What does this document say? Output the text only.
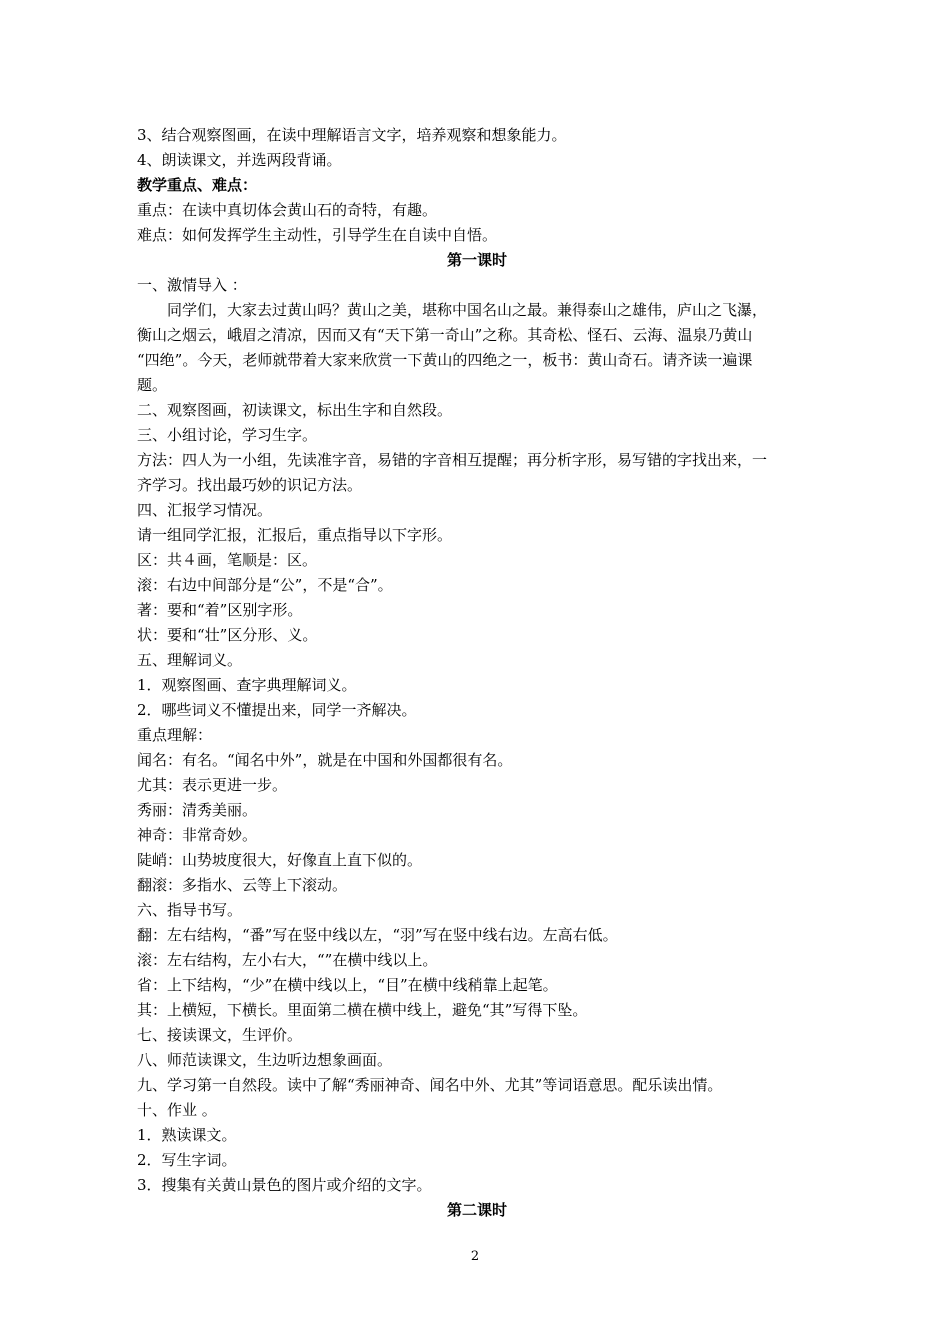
3、结合观察图画，在读中理解语言文字，培养观察和想象能力。
4、朗读课文，并选两段背诵。
教学重点、难点：
重点：在读中真切体会黄山石的奇特，有趣。
难点：如何发挥学生主动性，引导学生在自读中自悟。
第一课时
一、激情导入 ：
同学们，大家去过黄山吗？黄山之美，堪称中国名山之最。兼得泰山之雄伟，庐山之飞瀑，
衡山之烟云，峨眉之清凉，因而又有“天下第一奇山”之称。其奇松、怪石、云海、温泉乃黄山
“四绝”。今天，老师就带着大家来欣赏一下黄山的四绝之一，板书：黄山奇石。请齐读一遍课
题。
二、观察图画，初读课文，标出生字和自然段。
三、小组讨论，学习生字。
方法：四人为一小组，先读准字音，易错的字音相互提醒；再分析字形，易写错的字找出来，一
齐学习。找出最巧妙的识记方法。
四、汇报学习情况。
请一组同学汇报，汇报后，重点指导以下字形。
区：共４画，笔顺是：区。
滚：右边中间部分是“公”，不是“合”。
著：要和“着”区别字形。
状：要和“壮”区分形、义。
五、理解词义。
1．观察图画、查字典理解词义。
2．哪些词义不懂提出来，同学一齐解决。
重点理解：
闻名：有名。“闻名中外”，就是在中国和外国都很有名。
尤其：表示更进一步。
秀丽：清秀美丽。
神奇：非常奇妙。
陡峭：山势坡度很大，好像直上直下似的。
翻滚：多指水、云等上下滚动。
六、指导书写。
翻：左右结构，“番”写在竖中线以左，“羽”写在竖中线右边。左高右低。
滚：左右结构，左小右大，“”在横中线以上。
省：上下结构，“少”在横中线以上，“目”在横中线稍靠上起笔。
其：上横短，下横长。里面第二横在横中线上，避免“其”写得下坠。
七、接读课文，生评价。
八、师范读课文，生边听边想象画面。
九、学习第一自然段。读中了解“秀丽神奇、闻名中外、尤其”等词语意思。配乐读出情。
十、作业 。
1．熟读课文。
2．写生字词。
3．搜集有关黄山景色的图片或介绍的文字。
第二课时
2
